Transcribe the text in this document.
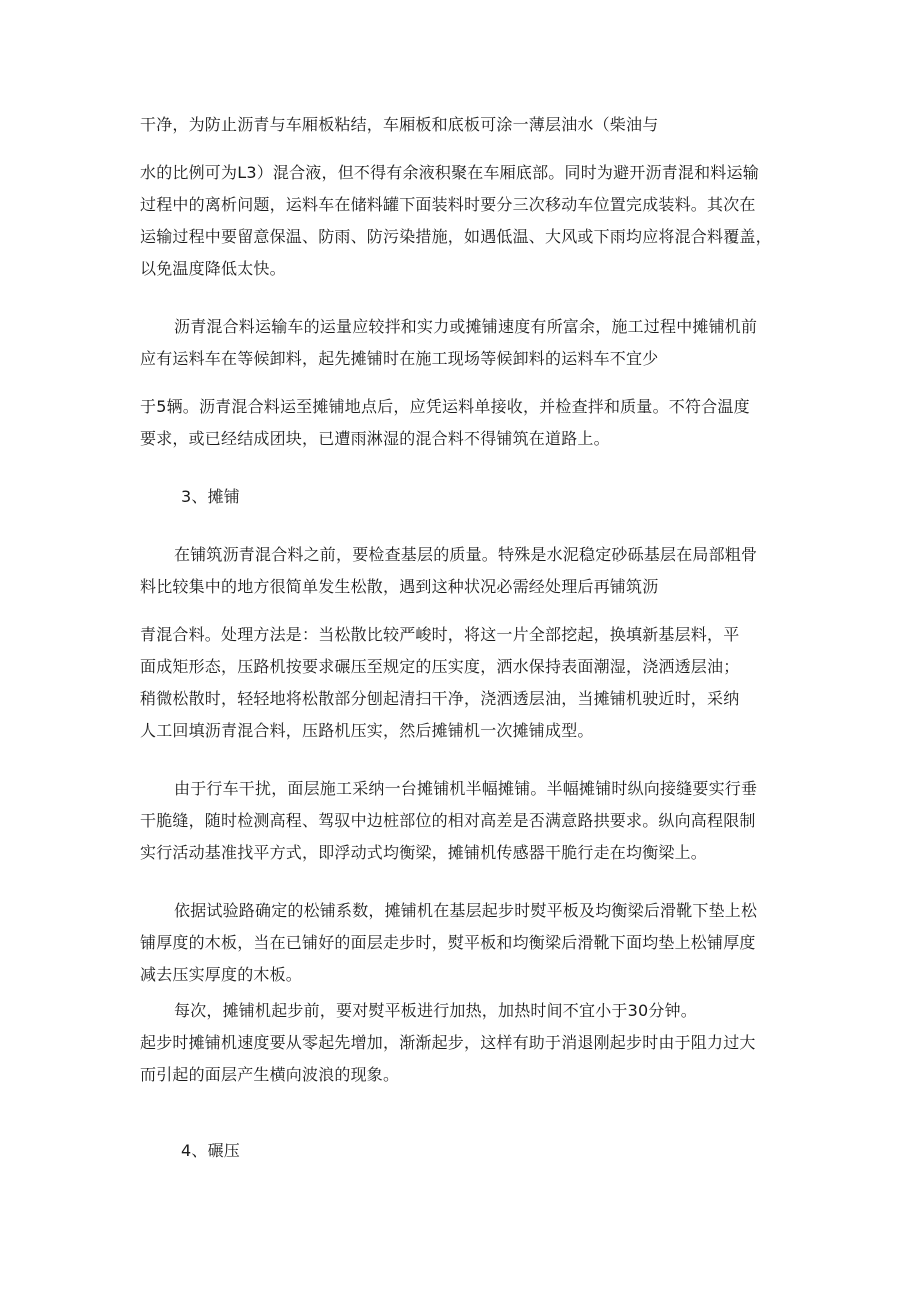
干净，为防止沥青与车厢板粘结，车厢板和底板可涂一薄层油水（柴油与
水的比例可为L3）混合液，但不得有余液积聚在车厢底部。同时为避开沥青混和料运输
过程中的离析问题，运料车在储料罐下面装料时要分三次移动车位置完成装料。其次在
运输过程中要留意保温、防雨、防污染措施，如遇低温、大风或下雨均应将混合料覆盖，
以免温度降低太快。
沥青混合料运输车的运量应较拌和实力或摊铺速度有所富余，施工过程中摊铺机前
应有运料车在等候卸料，起先摊铺时在施工现场等候卸料的运料车不宜少
于5辆。沥青混合料运至摊铺地点后，应凭运料单接收，并检查拌和质量。不符合温度
要求，或已经结成团块，已遭雨淋湿的混合料不得铺筑在道路上。
3、摊铺
在铺筑沥青混合料之前，要检查基层的质量。特殊是水泥稳定砂砾基层在局部粗骨
料比较集中的地方很简单发生松散，遇到这种状况必需经处理后再铺筑沥
青混合料。处理方法是：当松散比较严峻时，将这一片全部挖起，换填新基层料，平
面成矩形态，压路机按要求碾压至规定的压实度，洒水保持表面潮湿，浇洒透层油；
稍微松散时，轻轻地将松散部分刨起清扫干净，浇洒透层油，当摊铺机驶近时，采纳
人工回填沥青混合料，压路机压实，然后摊铺机一次摊铺成型。
由于行车干扰，面层施工采纳一台摊铺机半幅摊铺。半幅摊铺时纵向接缝要实行垂
干脆缝，随时检测高程、驾驭中边桩部位的相对高差是否满意路拱要求。纵向高程限制
实行活动基准找平方式，即浮动式均衡梁，摊铺机传感器干脆行走在均衡梁上。
依据试验路确定的松铺系数，摊铺机在基层起步时熨平板及均衡梁后滑靴下垫上松
铺厚度的木板，当在已铺好的面层走步时，熨平板和均衡梁后滑靴下面均垫上松铺厚度
减去压实厚度的木板。
每次，摊铺机起步前，要对熨平板进行加热，加热时间不宜小于30分钟。
起步时摊铺机速度要从零起先增加，渐渐起步，这样有助于消退刚起步时由于阻力过大
而引起的面层产生横向波浪的现象。
4、碾压
